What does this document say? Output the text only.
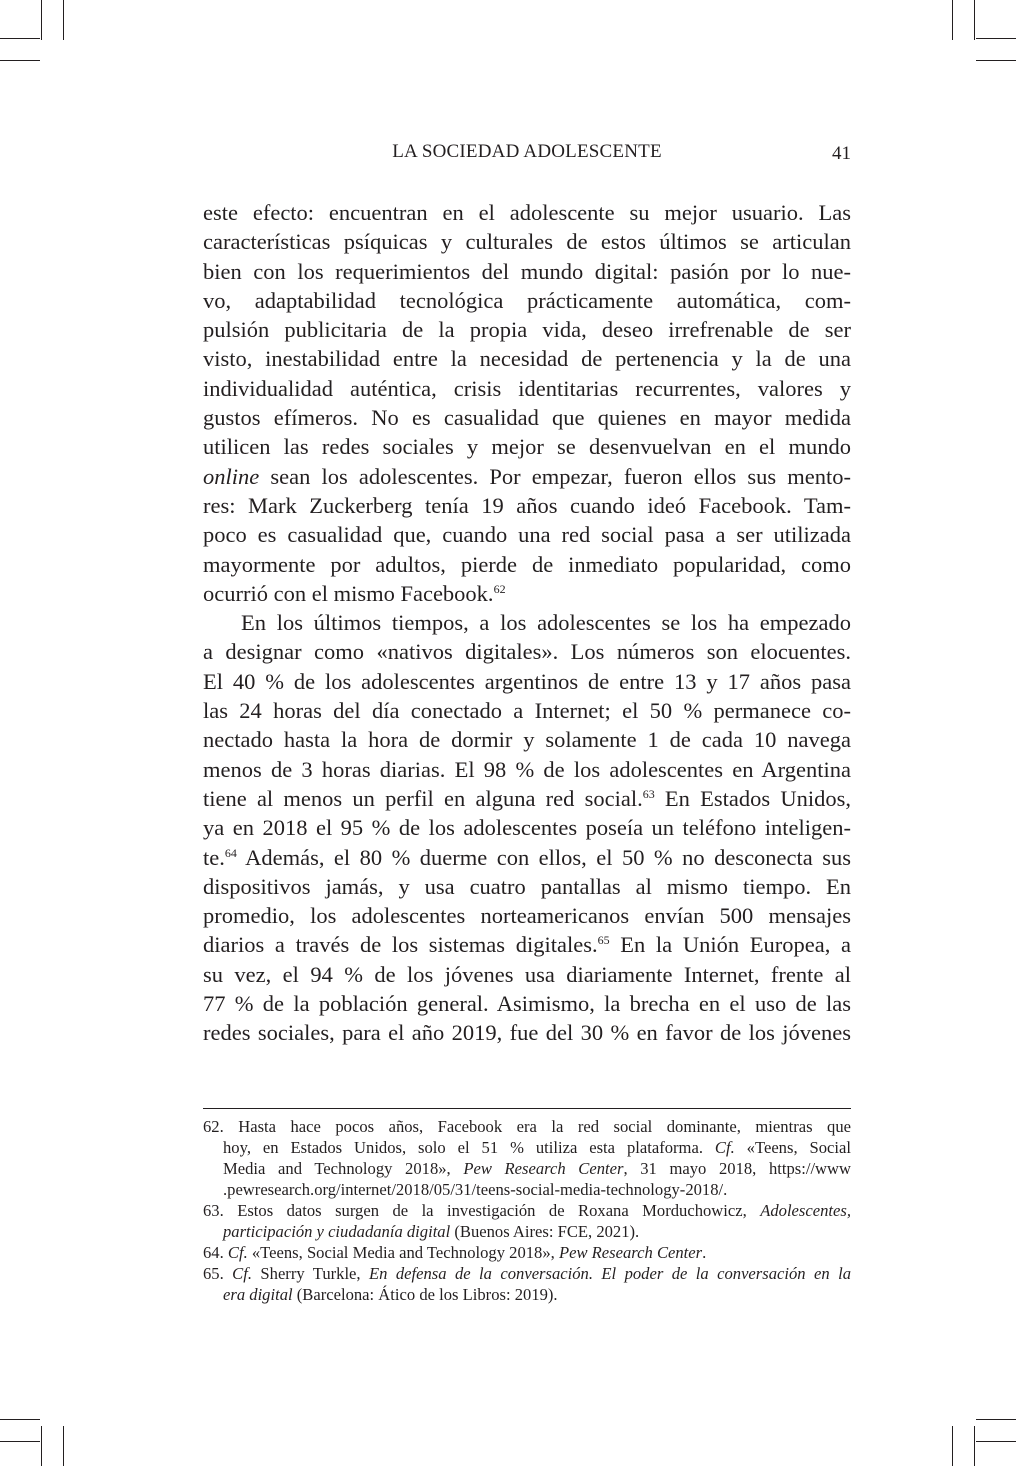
LA SOCIEDAD ADOLESCENTE	41
este efecto: encuentran en el adolescente su mejor usuario. Las
características psíquicas y culturales de estos últimos se articulan
bien con los requerimientos del mundo digital: pasión por lo nue-
vo, adaptabilidad tecnológica prácticamente automática, com-
pulsión publicitaria de la propia vida, deseo irrefrenable de ser
visto, inestabilidad entre la necesidad de pertenencia y la de una
individualidad auténtica, crisis identitarias recurrentes, valores y
gustos efímeros. No es casualidad que quienes en mayor medida
utilicen las redes sociales y mejor se desenvuelvan en el mundo
online sean los adolescentes. Por empezar, fueron ellos sus mento-
res: Mark Zuckerberg tenía 19 años cuando ideó Facebook. Tam-
poco es casualidad que, cuando una red social pasa a ser utilizada
mayormente por adultos, pierde de inmediato popularidad, como
ocurrió con el mismo Facebook.$^{62}$
En los últimos tiempos, a los adolescentes se los ha empezado
a designar como «nativos digitales». Los números son elocuentes.
El 40 % de los adolescentes argentinos de entre 13 y 17 años pasa
las 24 horas del día conectado a Internet; el 50 % permanece co-
nectado hasta la hora de dormir y solamente 1 de cada 10 navega
menos de 3 horas diarias. El 98 % de los adolescentes en Argentina
tiene al menos un perfil en alguna red social.$^{63}$ En Estados Unidos,
ya en 2018 el 95 % de los adolescentes poseía un teléfono inteligen-
te.$^{64}$ Además, el 80 % duerme con ellos, el 50 % no desconecta sus
dispositivos jamás, y usa cuatro pantallas al mismo tiempo. En
promedio, los adolescentes norteamericanos envían 500 mensajes
diarios a través de los sistemas digitales.$^{65}$ En la Unión Europea, a
su vez, el 94 % de los jóvenes usa diariamente Internet, frente al
77 % de la población general. Asimismo, la brecha en el uso de las
redes sociales, para el año 2019, fue del 30 % en favor de los jóvenes
62. Hasta hace pocos años, Facebook era la red social dominante, mientras que
hoy, en Estados Unidos, solo el 51 % utiliza esta plataforma. Cf. «Teens, Social
Media and Technology 2018», Pew Research Center, 31 mayo 2018, https://www
.pewresearch.org/internet/2018/05/31/teens-social-media-technology-2018/.
63. Estos datos surgen de la investigación de Roxana Morduchowicz, Adolescentes,
participación y ciudadanía digital (Buenos Aires: FCE, 2021).
64. Cf. «Teens, Social Media and Technology 2018», Pew Research Center.
65. Cf. Sherry Turkle, En defensa de la conversación. El poder de la conversación en la
era digital (Barcelona: Ático de los Libros: 2019).
